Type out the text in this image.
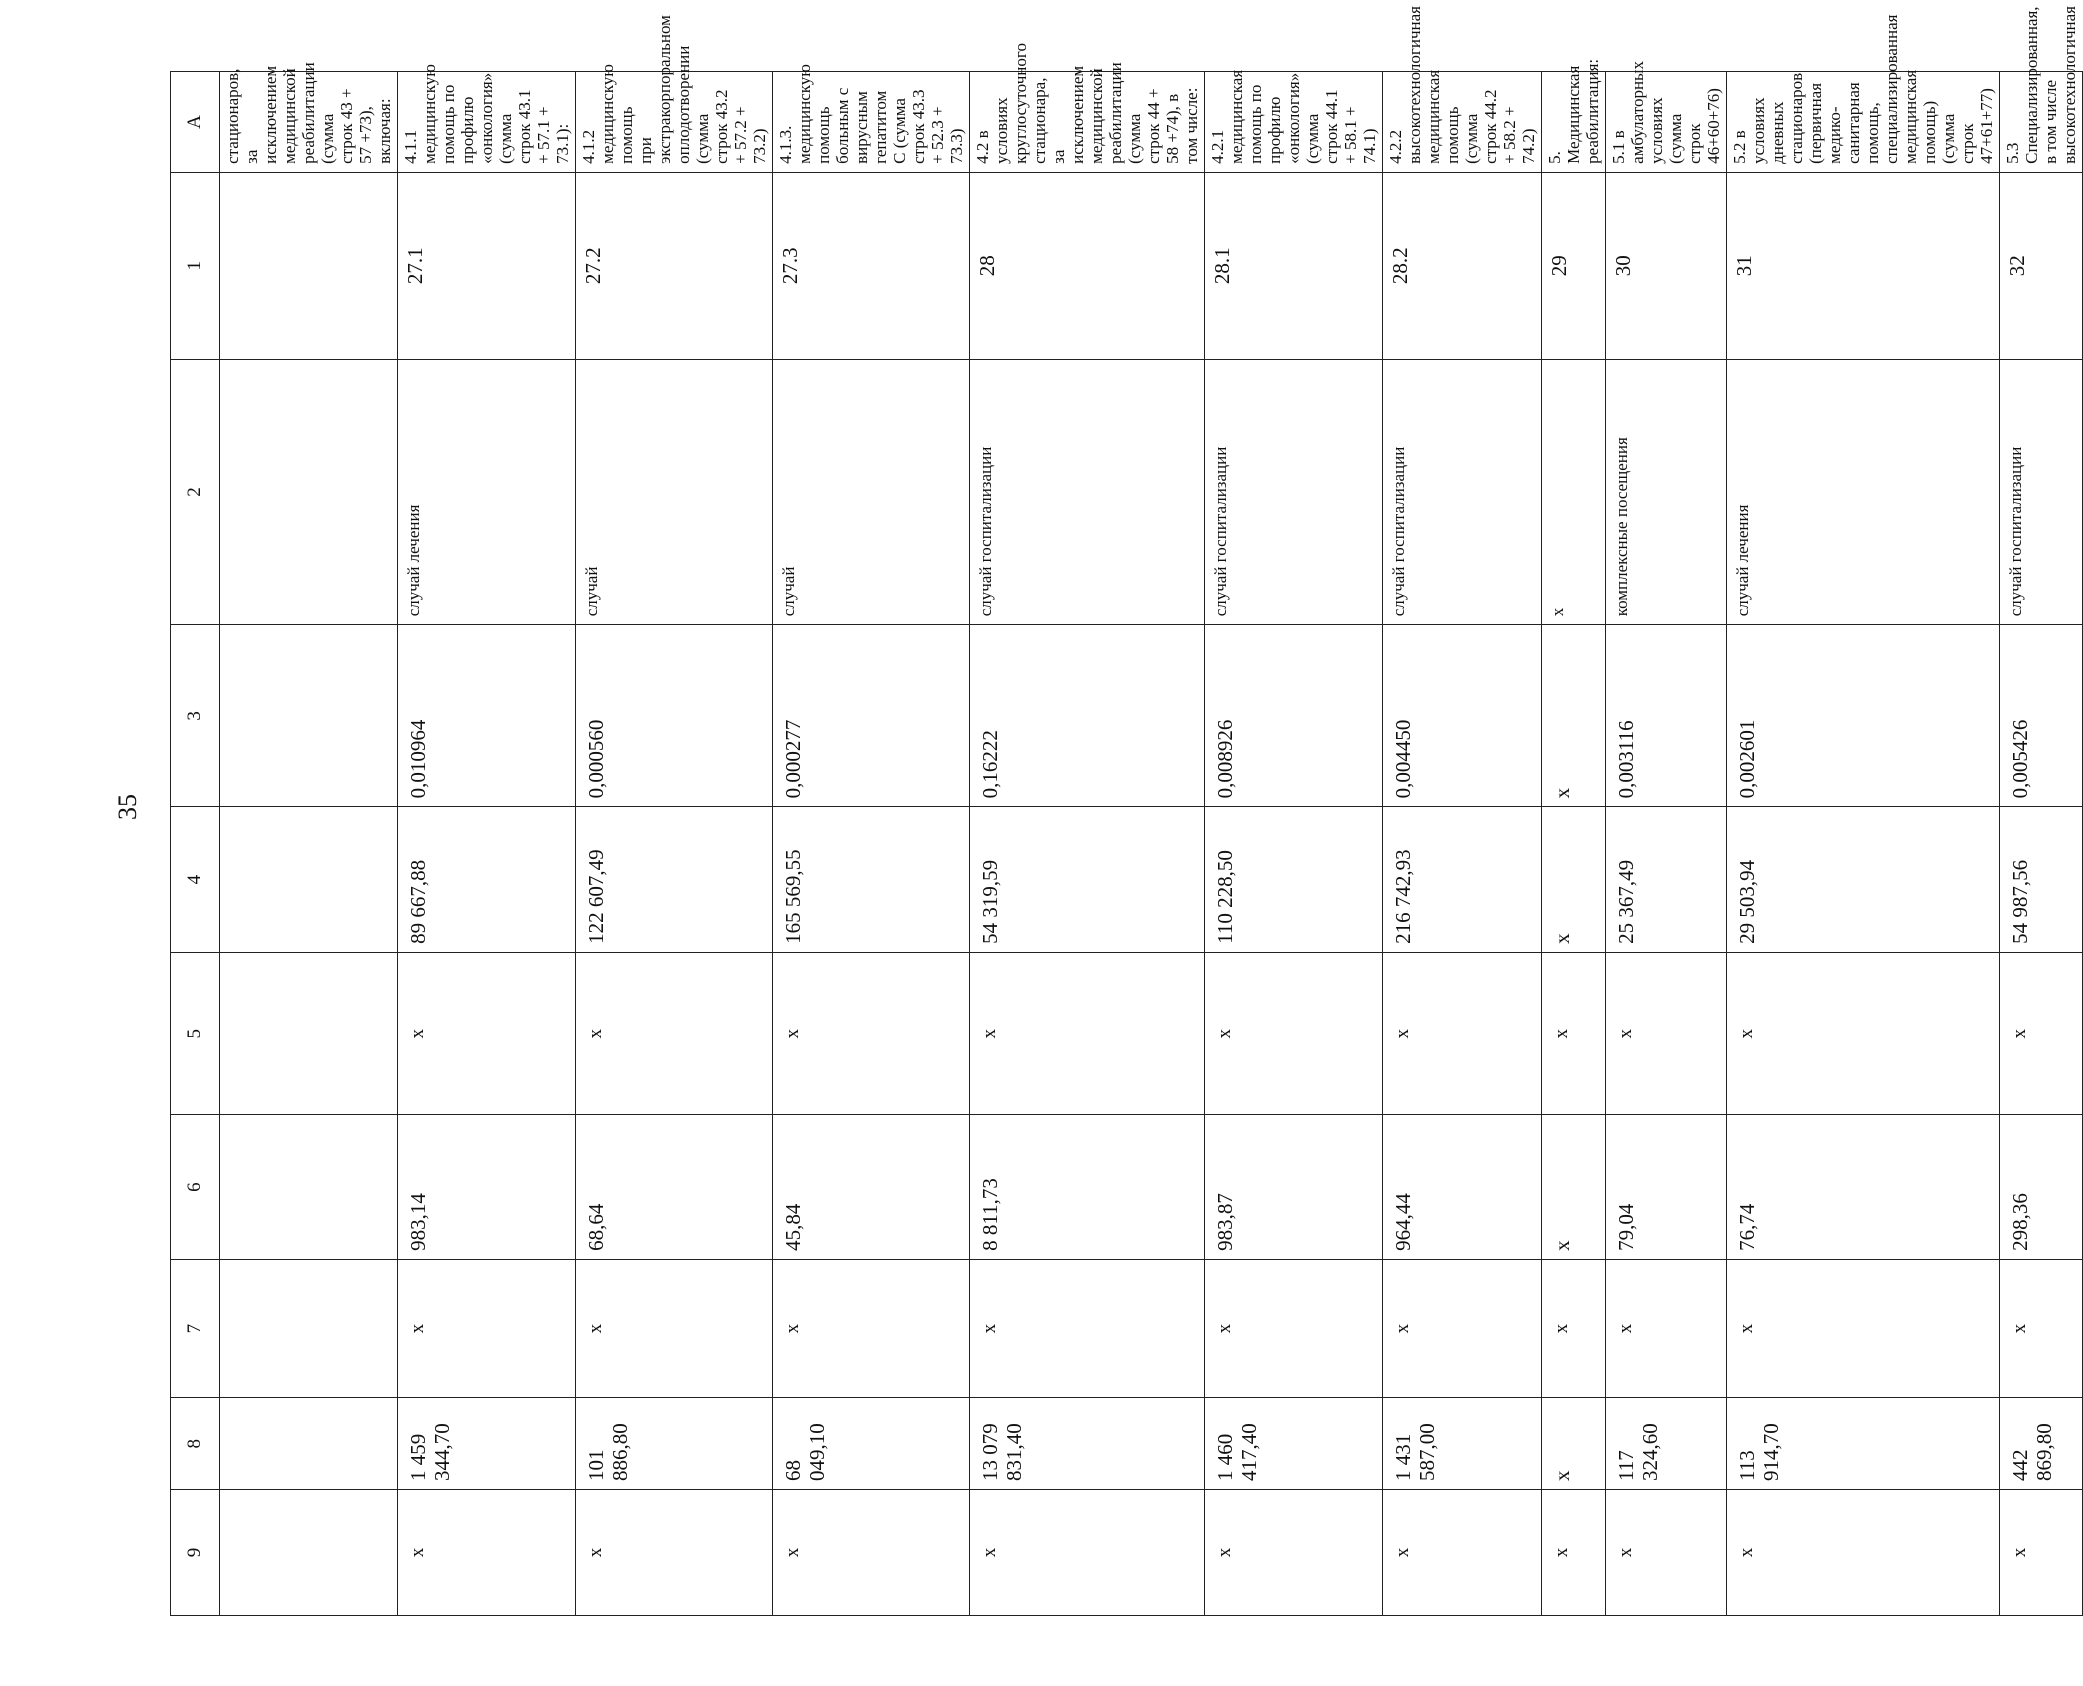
35
9	8	7	6	5	4	3	2	1	А
									стационаров, за исключением медицинской реабилитации (сумма строк 43 + 57 +73), включая:
x	1 459 344,70	x	983,14	x	89 667,88	0,010964	случай лечения	27.1	4.1.1 медицинскую помощь по профилю «онкология» (сумма строк 43.1 + 57.1 + 73.1):
x	101 886,80	x	68,64	x	122 607,49	0,000560	случай	27.2	4.1.2 медицинскую помощь при экстракорпоральном оплодотворении (сумма строк 43.2 + 57.2 + 73.2)
x	68 049,10	x	45,84	x	165 569,55	0,000277	случай	27.3	4.1.3. медицинскую помощь больным с вирусным гепатитом С (сумма строк 43.3 + 52.3 + 73.3)
x	13 079 831,40	x	8 811,73	x	54 319,59	0,16222	случай госпитализации	28	4.2 в условиях круглосуточного стационара, за исключением медицинской реабилитации (сумма строк 44 + 58 +74), в том числе:
x	1 460 417,40	x	983,87	x	110 228,50	0,008926	случай госпитализации	28.1	4.2.1 медицинская помощь по профилю «онкология» (сумма строк 44.1 + 58.1 + 74.1)
x	1 431 587,00	x	964,44	x	216 742,93	0,004450	случай госпитализации	28.2	4.2.2 высокотехнологичная медицинская помощь (сумма строк 44.2 + 58.2 + 74.2)
x	x	x	x	x	x	x	x	29	5. Медицинская реабилитация:
x	117 324,60	x	79,04	x	25 367,49	0,003116	комплексные посещения	30	5.1 в амбулаторных условиях (сумма строк 46+60+76)
x	113 914,70	x	76,74	x	29 503,94	0,002601	случай лечения	31	5.2 в условиях дневных стационаров (первичная медико-санитарная помощь, специализированная медицинская помощь) (сумма строк 47+61+77)
x	442 869,80	x	298,36	x	54 987,56	0,005426	случай госпитализации	32	5.3 Специализированная, в том числе высокотехнологичная
